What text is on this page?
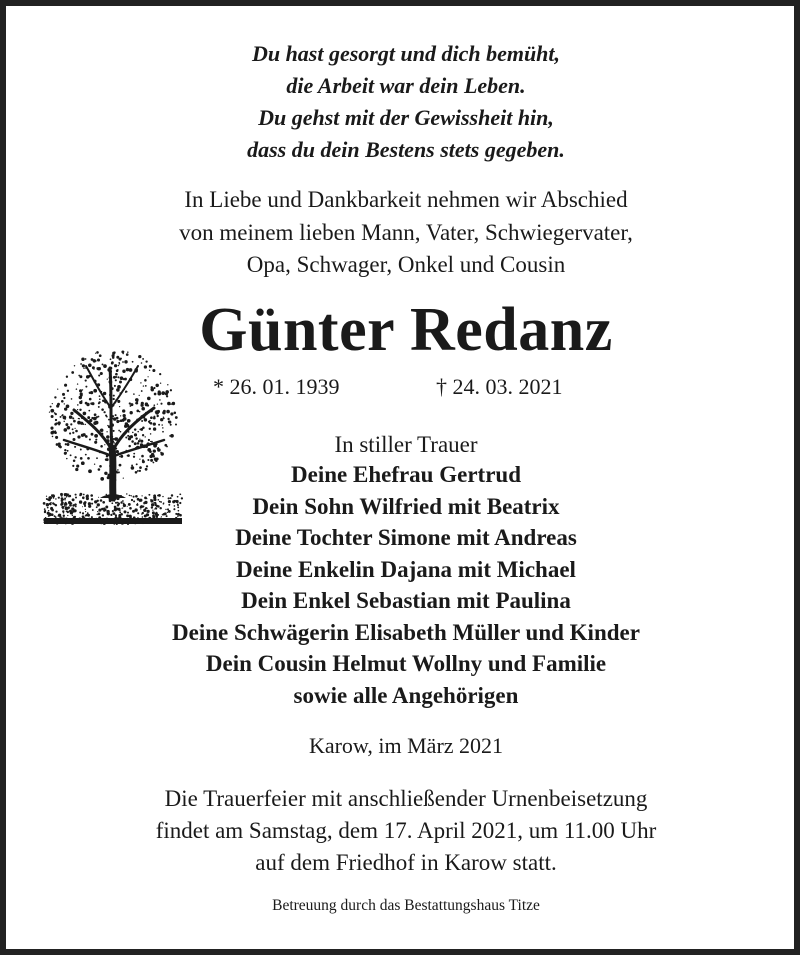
Du hast gesorgt und dich bemüht,
die Arbeit war dein Leben.
Du gehst mit der Gewissheit hin,
dass du dein Bestens stets gegeben.
In Liebe und Dankbarkeit nehmen wir Abschied
von meinem lieben Mann, Vater, Schwiegervater,
Opa, Schwager, Onkel und Cousin
Günter Redanz
* 26. 01. 1939	† 24. 03. 2021
In stiller Trauer
Deine Ehefrau Gertrud
Dein Sohn Wilfried mit Beatrix
Deine Tochter Simone mit Andreas
Deine Enkelin Dajana mit Michael
Dein Enkel Sebastian mit Paulina
Deine Schwägerin Elisabeth Müller und Kinder
Dein Cousin Helmut Wollny und Familie
sowie alle Angehörigen
Karow, im März 2021
Die Trauerfeier mit anschließender Urnenbeisetzung
findet am Samstag, dem 17. April 2021, um 11.00 Uhr
auf dem Friedhof in Karow statt.
Betreuung durch das Bestattungshaus Titze
